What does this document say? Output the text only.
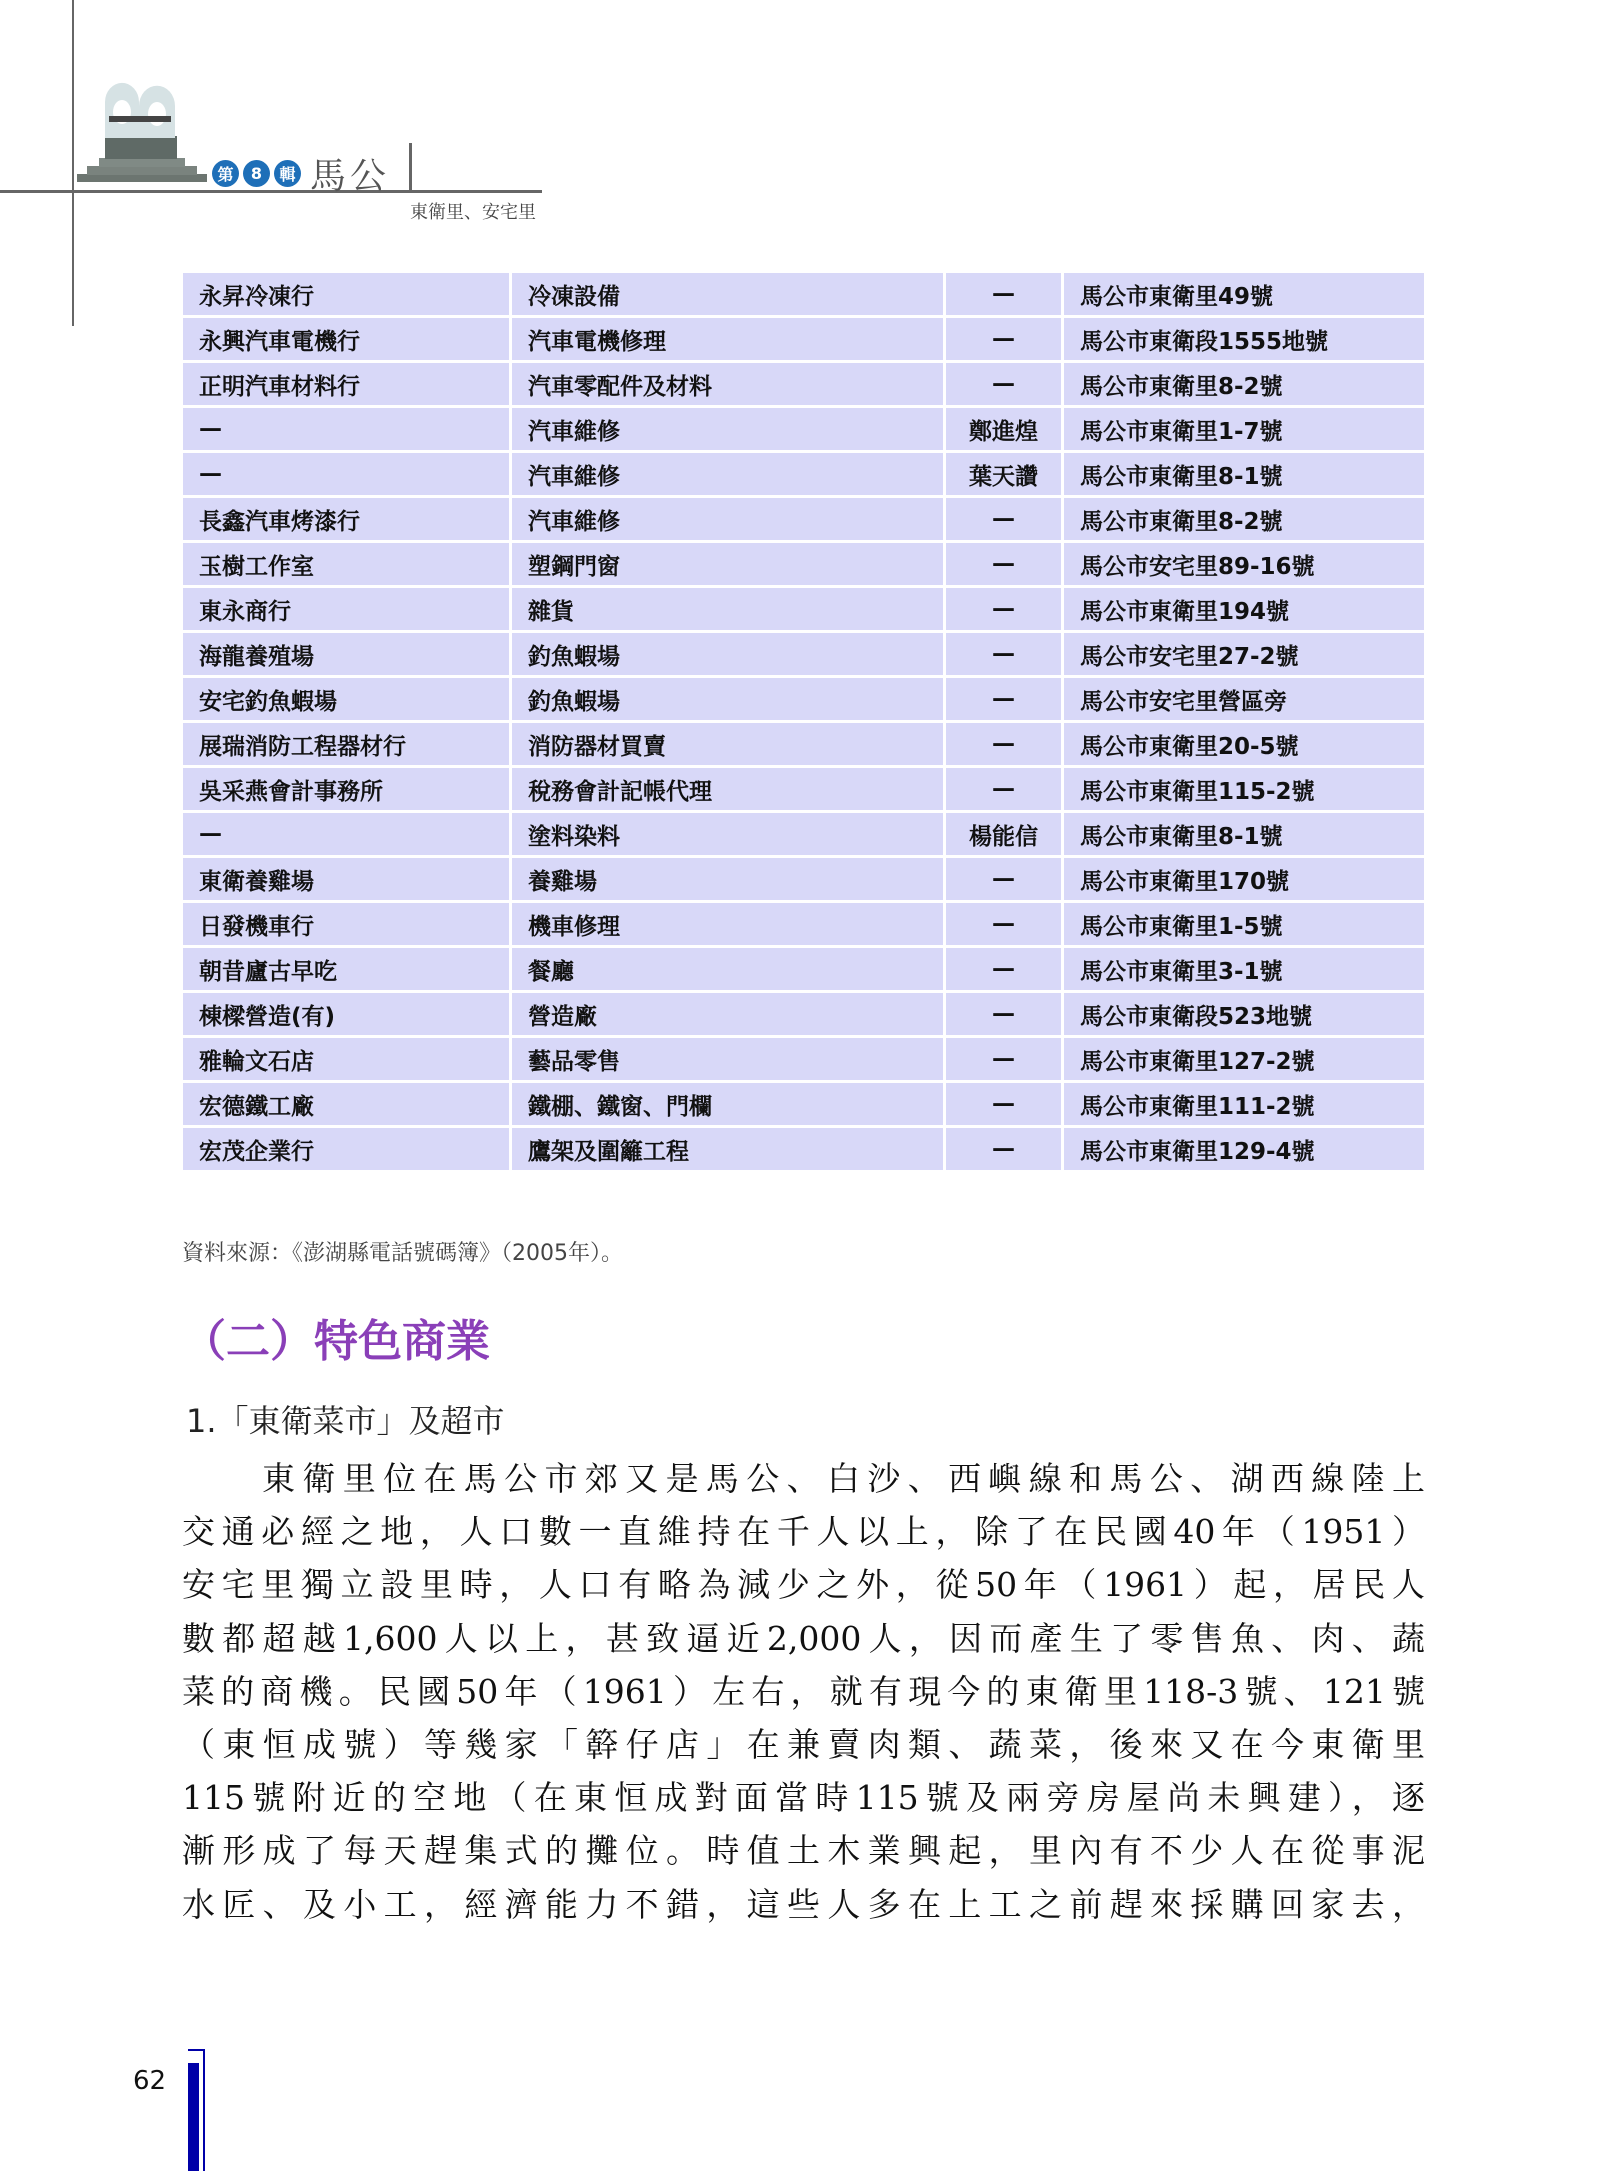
第	8	輯 馬公
東衛里、安宅里
永昇冷凍行	冷凍設備	—	馬公市東衛里49號
永興汽車電機行	汽車電機修理	—	馬公市東衛段1555地號
正明汽車材料行	汽車零配件及材料	—	馬公市東衛里8-2號
—	汽車維修	鄭進煌	馬公市東衛里1-7號
—	汽車維修	葉天讚	馬公市東衛里8-1號
長鑫汽車烤漆行	汽車維修	—	馬公市東衛里8-2號
玉樹工作室	塑鋼門窗	—	馬公市安宅里89-16號
東永商行	雜貨	—	馬公市東衛里194號
海龍養殖場	釣魚蝦場	—	馬公市安宅里27-2號
安宅釣魚蝦場	釣魚蝦場	—	馬公市安宅里營區旁
展瑞消防工程器材行	消防器材買賣	—	馬公市東衛里20-5號
吳采燕會計事務所	稅務會計記帳代理	—	馬公市東衛里115-2號
—	塗料染料	楊能信	馬公市東衛里8-1號
東衛養雞場	養雞場	—	馬公市東衛里170號
日發機車行	機車修理	—	馬公市東衛里1-5號
朝昔廬古早吃	餐廳	—	馬公市東衛里3-1號
棟樑營造(有)	營造廠	—	馬公市東衛段523地號
雅輪文石店	藝品零售	—	馬公市東衛里127-2號
宏德鐵工廠	鐵棚、鐵窗、門欄	—	馬公市東衛里111-2號
宏茂企業行	鷹架及圍籬工程	—	馬公市東衛里129-4號
資料來源：《澎湖縣電話號碼簿》（2005年）。
（二）特色商業
1.「東衛菜市」及超市
東衛里位在馬公市郊又是馬公、白沙、西嶼線和馬公、湖西線陸上
交通必經之地，人口數一直維持在千人以上，除了在民國40年（1951）
安宅里獨立設里時，人口有略為減少之外，從50年（1961）起，居民人
數都超越1,600人以上，甚致逼近2,000人，因而產生了零售魚、肉、蔬
菜的商機。民國50年（1961）左右，就有現今的東衛里118-3號、121號
（東恒成號）等幾家「簳仔店」在兼賣肉類、蔬菜，後來又在今東衛里
115號附近的空地（在東恒成對面當時115號及兩旁房屋尚未興建），逐
漸形成了每天趕集式的攤位。時值土木業興起，里內有不少人在從事泥
水匠、及小工，經濟能力不錯，這些人多在上工之前趕來採購回家去，
62
